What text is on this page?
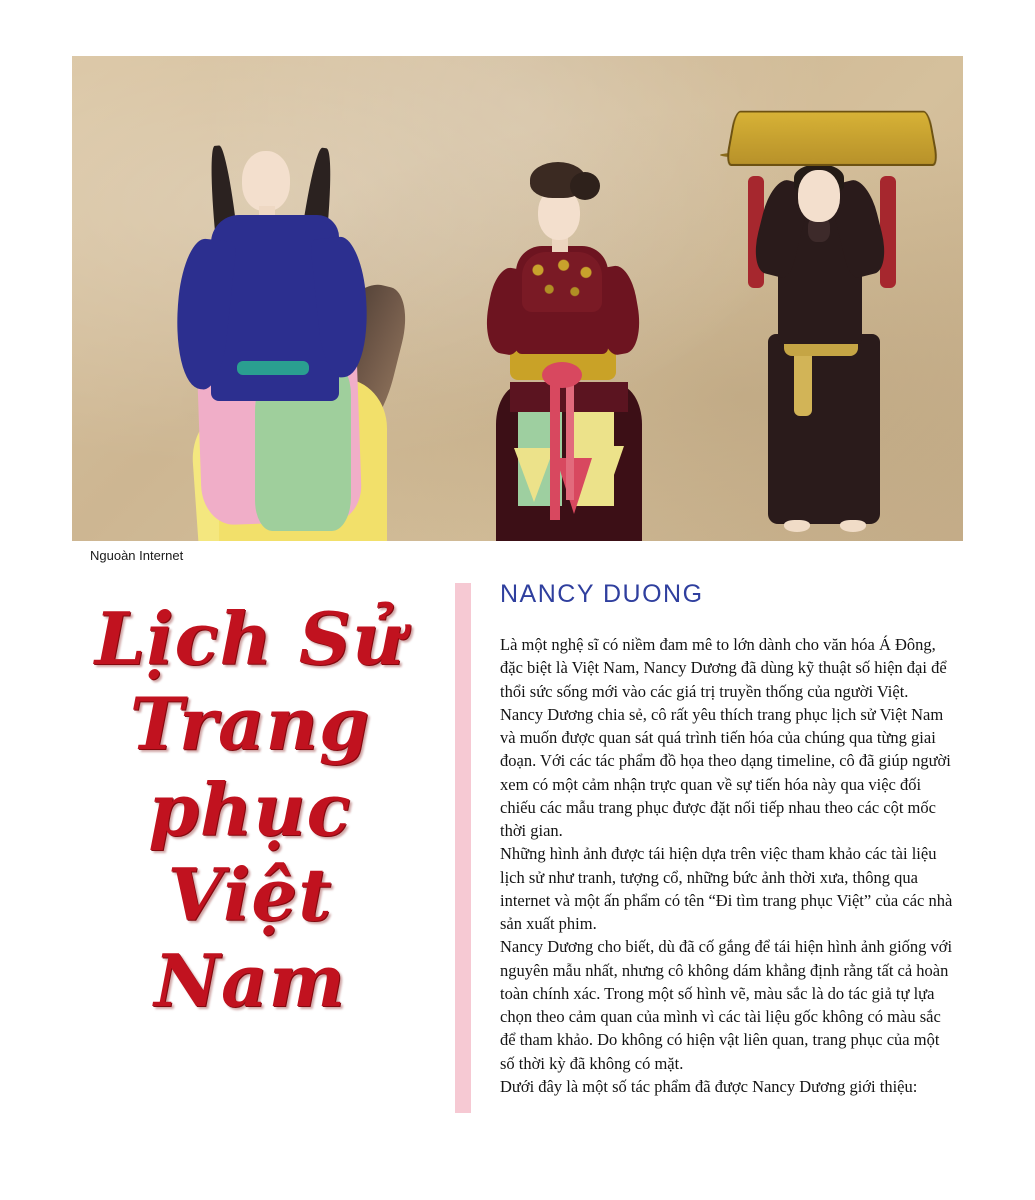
Nguoàn Internet
Lịch Sử
Trang
phục
Việt
Nam
NANCY DUONG

Là một nghệ sĩ có niềm đam mê to lớn dành cho văn hóa Á Đông, đặc biệt là Việt Nam, Nancy Dương đã dùng kỹ thuật số hiện đại để thổi sức sống mới vào các giá trị truyền thống của người Việt. Nancy Dương chia sẻ, cô rất yêu thích trang phục lịch sử Việt Nam và muốn được quan sát quá trình tiến hóa của chúng qua từng giai đoạn. Với các tác phẩm đồ họa theo dạng timeline, cô đã giúp người xem có một cảm nhận trực quan về sự tiến hóa này qua việc đối chiếu các mẫu trang phục được đặt nối tiếp nhau theo các cột mốc thời gian.

Những hình ảnh được tái hiện dựa trên việc tham khảo các tài liệu lịch sử như tranh, tượng cổ, những bức ảnh thời xưa, thông qua internet và một ấn phẩm có tên “Đi tìm trang phục Việt” của các nhà sản xuất phim.

Nancy Dương cho biết, dù đã cố gắng để tái hiện hình ảnh giống với nguyên mẫu nhất, nhưng cô không dám khẳng định rằng tất cả hoàn toàn chính xác. Trong một số hình vẽ, màu sắc là do tác giả tự lựa chọn theo cảm quan của mình vì các tài liệu gốc không có màu sắc để tham khảo. Do không có hiện vật liên quan, trang phục của một số thời kỳ đã không có mặt.

Dưới đây là một số tác phẩm đã được Nancy Dương giới thiệu:
